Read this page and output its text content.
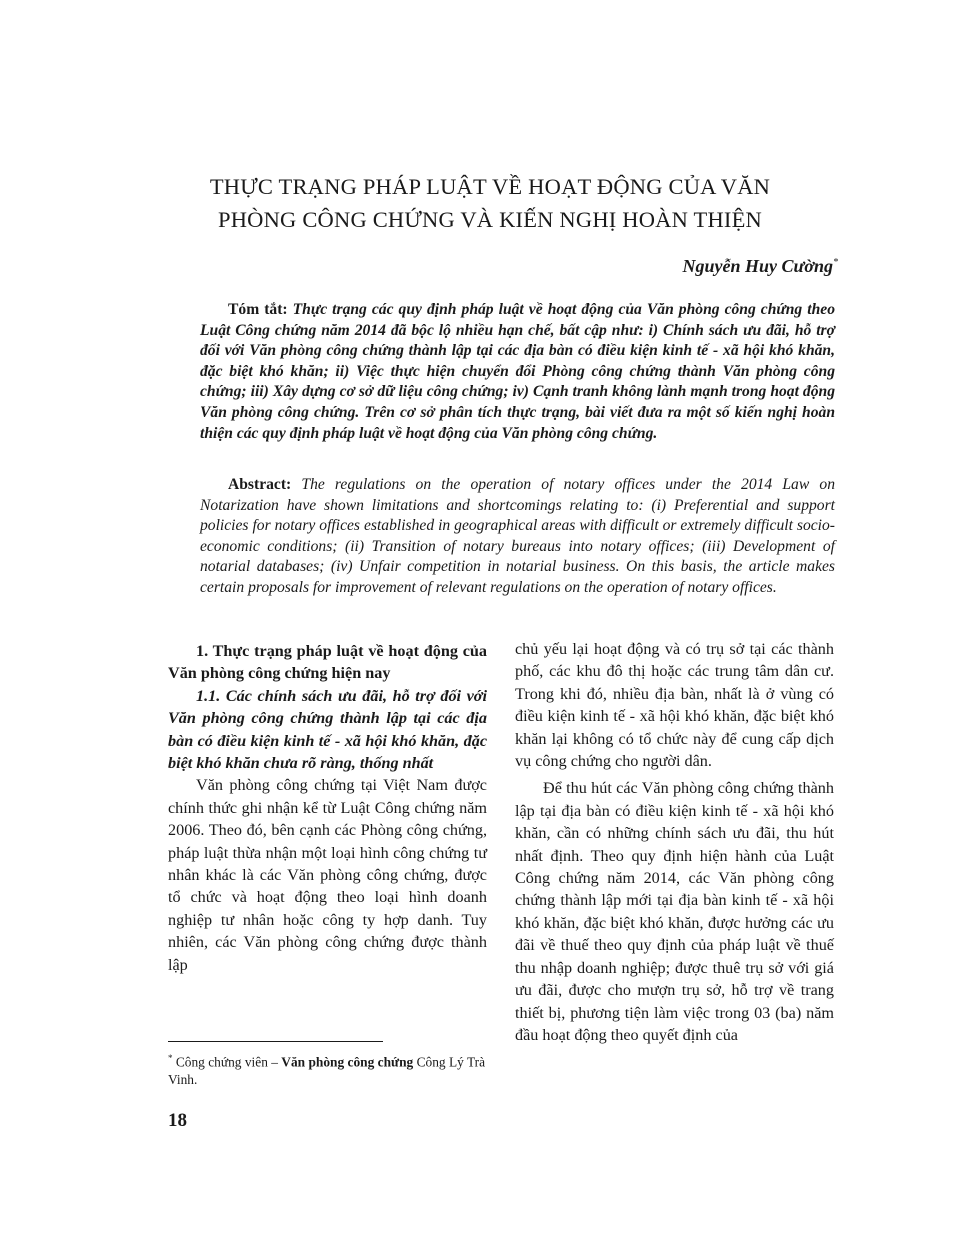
THỰC TRẠNG PHÁP LUẬT VỀ HOẠT ĐỘNG CỦA VĂN
PHÒNG CÔNG CHỨNG VÀ KIẾN NGHỊ HOÀN THIỆN
Nguyễn Huy Cường*
Tóm tắt: Thực trạng các quy định pháp luật về hoạt động của Văn phòng công chứng theo Luật Công chứng năm 2014 đã bộc lộ nhiều hạn chế, bất cập như: i) Chính sách ưu đãi, hỗ trợ đối với Văn phòng công chứng thành lập tại các địa bàn có điều kiện kinh tế - xã hội khó khăn, đặc biệt khó khăn; ii) Việc thực hiện chuyển đổi Phòng công chứng thành Văn phòng công chứng; iii) Xây dựng cơ sở dữ liệu công chứng; iv) Cạnh tranh không lành mạnh trong hoạt động Văn phòng công chứng. Trên cơ sở phân tích thực trạng, bài viết đưa ra một số kiến nghị hoàn thiện các quy định pháp luật về hoạt động của Văn phòng công chứng.
Abstract: The regulations on the operation of notary offices under the 2014 Law on Notarization have shown limitations and shortcomings relating to: (i) Preferential and support policies for notary offices established in geographical areas with difficult or extremely difficult socio-economic conditions; (ii) Transition of notary bureaus into notary offices; (iii) Development of notarial databases; (iv) Unfair competition in notarial business. On this basis, the article makes certain proposals for improvement of relevant regulations on the operation of notary offices.
1. Thực trạng pháp luật về hoạt động của Văn phòng công chứng hiện nay
1.1. Các chính sách ưu đãi, hỗ trợ đối với Văn phòng công chứng thành lập tại các địa bàn có điều kiện kinh tế - xã hội khó khăn, đặc biệt khó khăn chưa rõ ràng, thống nhất
Văn phòng công chứng tại Việt Nam được chính thức ghi nhận kể từ Luật Công chứng năm 2006. Theo đó, bên cạnh các Phòng công chứng, pháp luật thừa nhận một loại hình công chứng tư nhân khác là các Văn phòng công chứng, được tổ chức và hoạt động theo loại hình doanh nghiệp tư nhân hoặc công ty hợp danh. Tuy nhiên, các Văn phòng công chứng được thành lập
chủ yếu lại hoạt động và có trụ sở tại các thành phố, các khu đô thị hoặc các trung tâm dân cư. Trong khi đó, nhiều địa bàn, nhất là ở vùng có điều kiện kinh tế - xã hội khó khăn, đặc biệt khó khăn lại không có tổ chức này để cung cấp dịch vụ công chứng cho người dân.
Để thu hút các Văn phòng công chứng thành lập tại địa bàn có điều kiện kinh tế - xã hội khó khăn, cần có những chính sách ưu đãi, thu hút nhất định. Theo quy định hiện hành của Luật Công chứng năm 2014, các Văn phòng công chứng thành lập mới tại địa bàn kinh tế - xã hội khó khăn, đặc biệt khó khăn, được hưởng các ưu đãi về thuế theo quy định của pháp luật về thuế thu nhập doanh nghiệp; được thuê trụ sở với giá ưu đãi, được cho mượn trụ sở, hỗ trợ về trang thiết bị, phương tiện làm việc trong 03 (ba) năm đầu hoạt động theo quyết định của
* Công chứng viên – Văn phòng công chứng Công Lý Trà Vinh.
18
